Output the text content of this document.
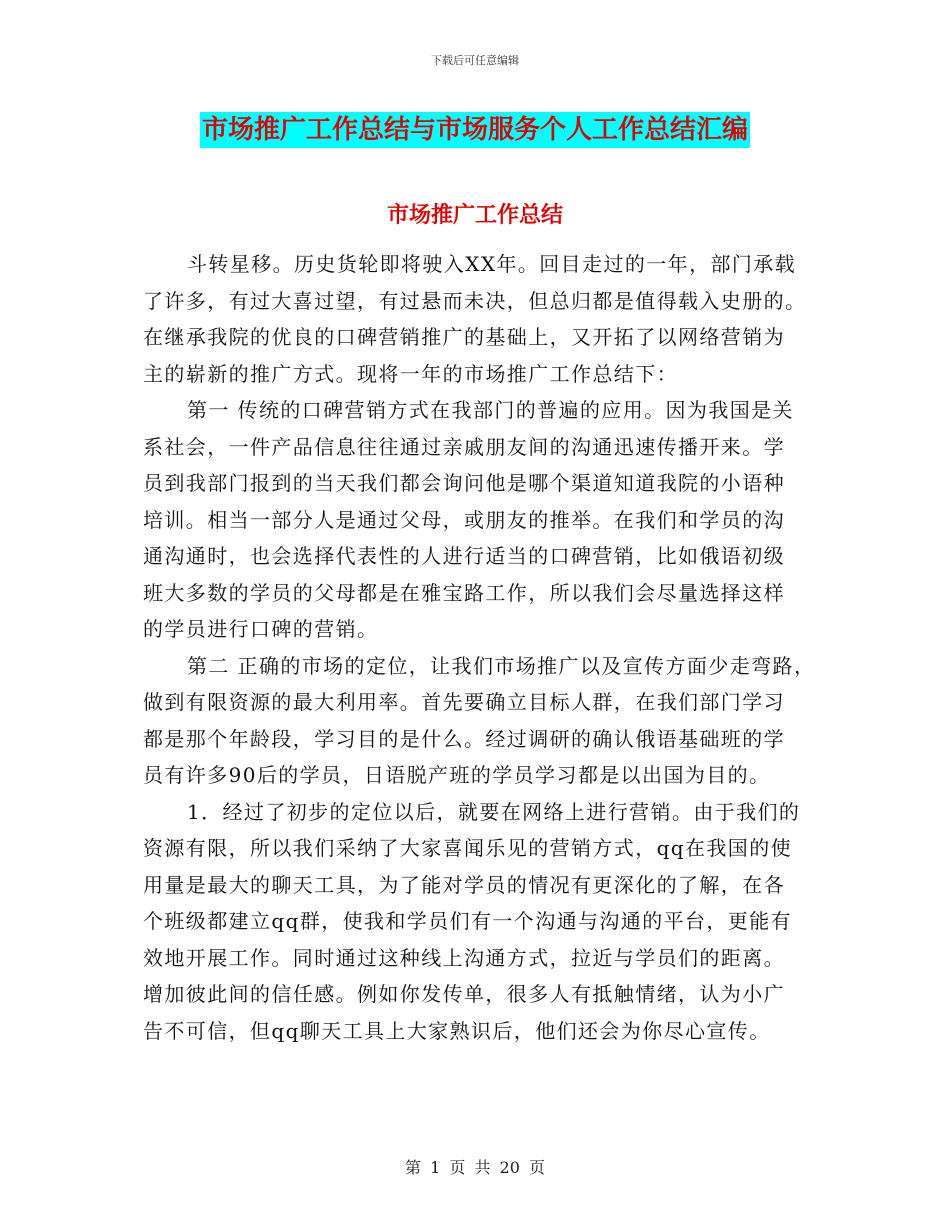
下载后可任意编辑
市场推广工作总结与市场服务个人工作总结汇编
市场推广工作总结

斗转星移。历史货轮即将驶入XX年。回目走过的一年，部门承载

了许多，有过大喜过望，有过悬而未决，但总归都是值得载入史册的。

在继承我院的优良的口碑营销推广的基础上，又开拓了以网络营销为

主的崭新的推广方式。现将一年的市场推广工作总结下：

第一 传统的口碑营销方式在我部门的普遍的应用。因为我国是关

系社会，一件产品信息往往通过亲戚朋友间的沟通迅速传播开来。学

员到我部门报到的当天我们都会询问他是哪个渠道知道我院的小语种

培训。相当一部分人是通过父母，或朋友的推举。在我们和学员的沟

通沟通时，也会选择代表性的人进行适当的口碑营销，比如俄语初级

班大多数的学员的父母都是在雅宝路工作，所以我们会尽量选择这样

的学员进行口碑的营销。

第二 正确的市场的定位，让我们市场推广以及宣传方面少走弯路，

做到有限资源的最大利用率。首先要确立目标人群，在我们部门学习

都是那个年龄段，学习目的是什么。经过调研的确认俄语基础班的学

员有许多90后的学员，日语脱产班的学员学习都是以出国为目的。

1．经过了初步的定位以后，就要在网络上进行营销。由于我们的

资源有限，所以我们采纳了大家喜闻乐见的营销方式，qq在我国的使

用量是最大的聊天工具，为了能对学员的情况有更深化的了解，在各

个班级都建立qq群，使我和学员们有一个沟通与沟通的平台，更能有

效地开展工作。同时通过这种线上沟通方式，拉近与学员们的距离。

增加彼此间的信任感。例如你发传单，很多人有抵触情绪，认为小广

告不可信，但qq聊天工具上大家熟识后，他们还会为你尽心宣传。

第 1 页 共 20 页
